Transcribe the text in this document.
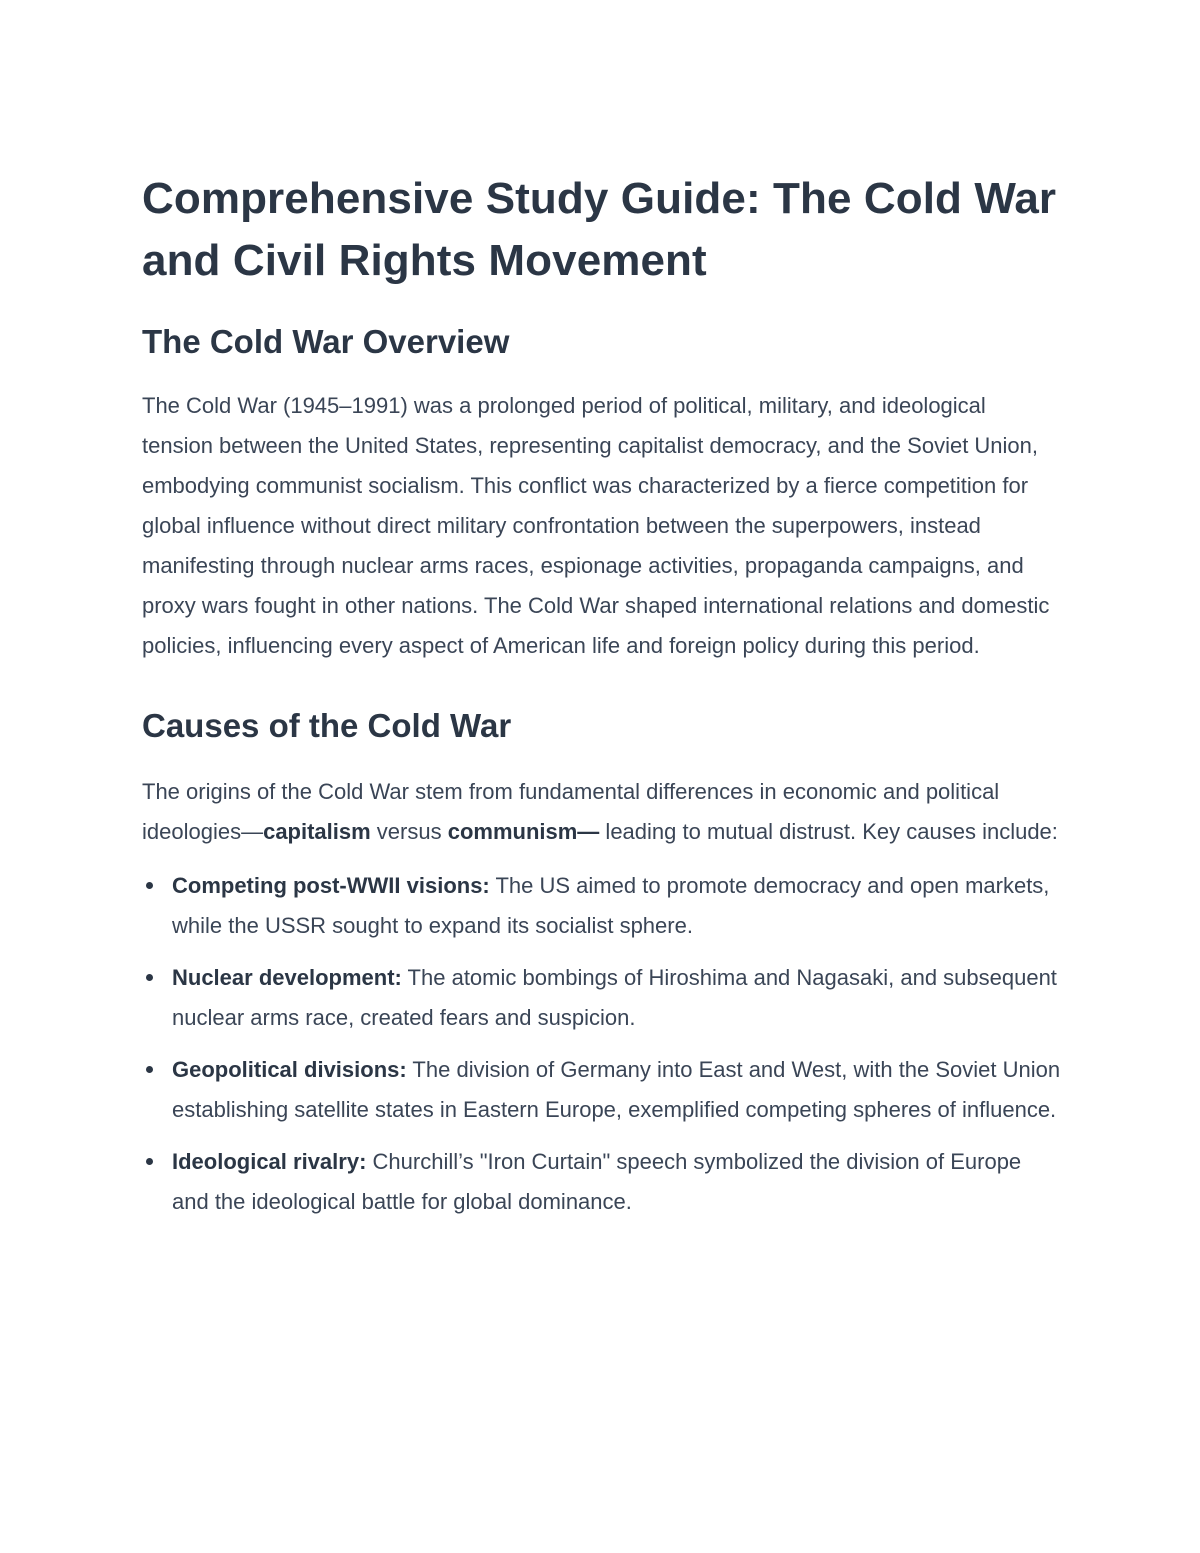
Comprehensive Study Guide: The Cold War and Civil Rights Movement
The Cold War Overview

The Cold War (1945–1991) was a prolonged period of political, military, and ideological tension between the United States, representing capitalist democracy, and the Soviet Union, embodying communist socialism. This conflict was characterized by a fierce competition for global influence without direct military confrontation between the superpowers, instead manifesting through nuclear arms races, espionage activities, propaganda campaigns, and proxy wars fought in other nations. The Cold War shaped international relations and domestic policies, influencing every aspect of American life and foreign policy during this period.

Causes of the Cold War

The origins of the Cold War stem from fundamental differences in economic and political ideologies—capitalism versus communism— leading to mutual distrust. Key causes include:

Competing post-WWII visions: The US aimed to promote democracy and open markets, while the USSR sought to expand its socialist sphere.
Nuclear development: The atomic bombings of Hiroshima and Nagasaki, and subsequent nuclear arms race, created fears and suspicion.
Geopolitical divisions: The division of Germany into East and West, with the Soviet Union establishing satellite states in Eastern Europe, exemplified competing spheres of influence.
Ideological rivalry: Churchill’s "Iron Curtain" speech symbolized the division of Europe and the ideological battle for global dominance.
